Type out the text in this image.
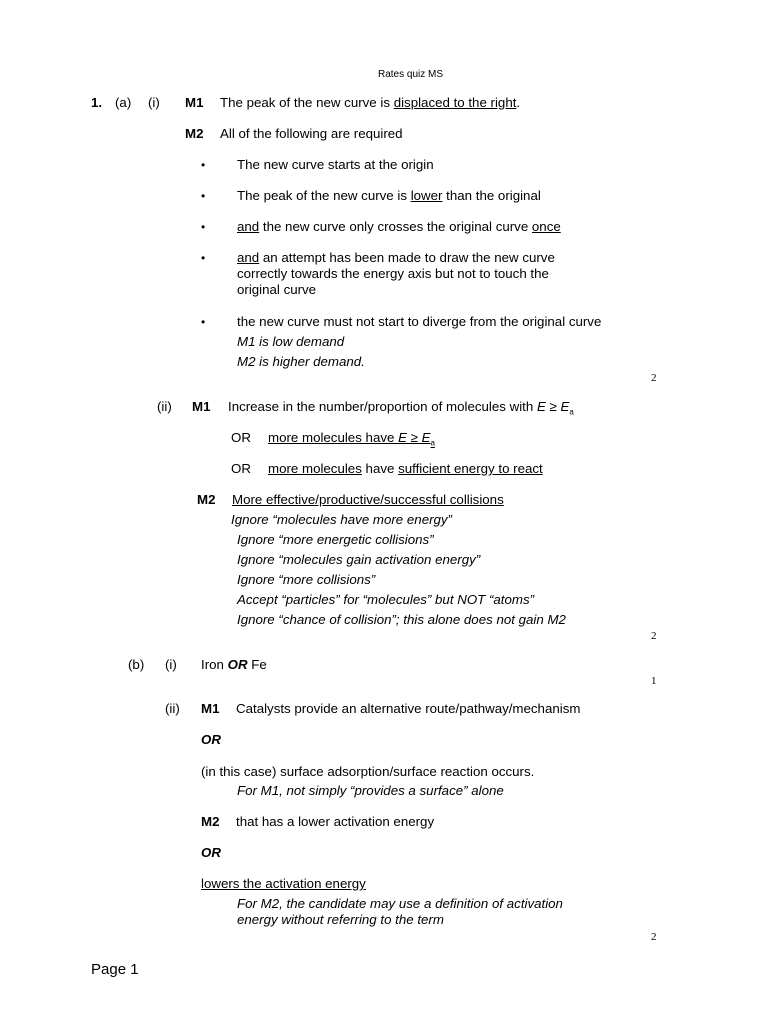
Rates quiz MS
1. (a) (i) M1 The peak of the new curve is displaced to the right.
M2 All of the following are required
• The new curve starts at the origin
• The peak of the new curve is lower than the original
• and the new curve only crosses the original curve once
• and an attempt has been made to draw the new curve
correctly towards the energy axis but not to touch the
original curve
• the new curve must not start to diverge from the original curve
M1 is low demand
M2 is higher demand.
2
(ii) M1 Increase in the number/proportion of molecules with $E \ge E_a$
OR more molecules have $E \ge E_a$
OR more molecules have sufficient energy to react
M2 More effective/productive/successful collisions
Ignore “molecules have more energy”
Ignore “more energetic collisions”
Ignore “molecules gain activation energy”
Ignore “more collisions”
Accept “particles” for “molecules” but NOT “atoms”
Ignore “chance of collision”; this alone does not gain M2
2
(b) (i) Iron OR Fe
1
(ii) M1 Catalysts provide an alternative route/pathway/mechanism
OR
(in this case) surface adsorption/surface reaction occurs.
For M1, not simply “provides a surface” alone
M2 that has a lower activation energy
OR
lowers the activation energy
For M2, the candidate may use a definition of activation
energy without referring to the term
2
Page 1
